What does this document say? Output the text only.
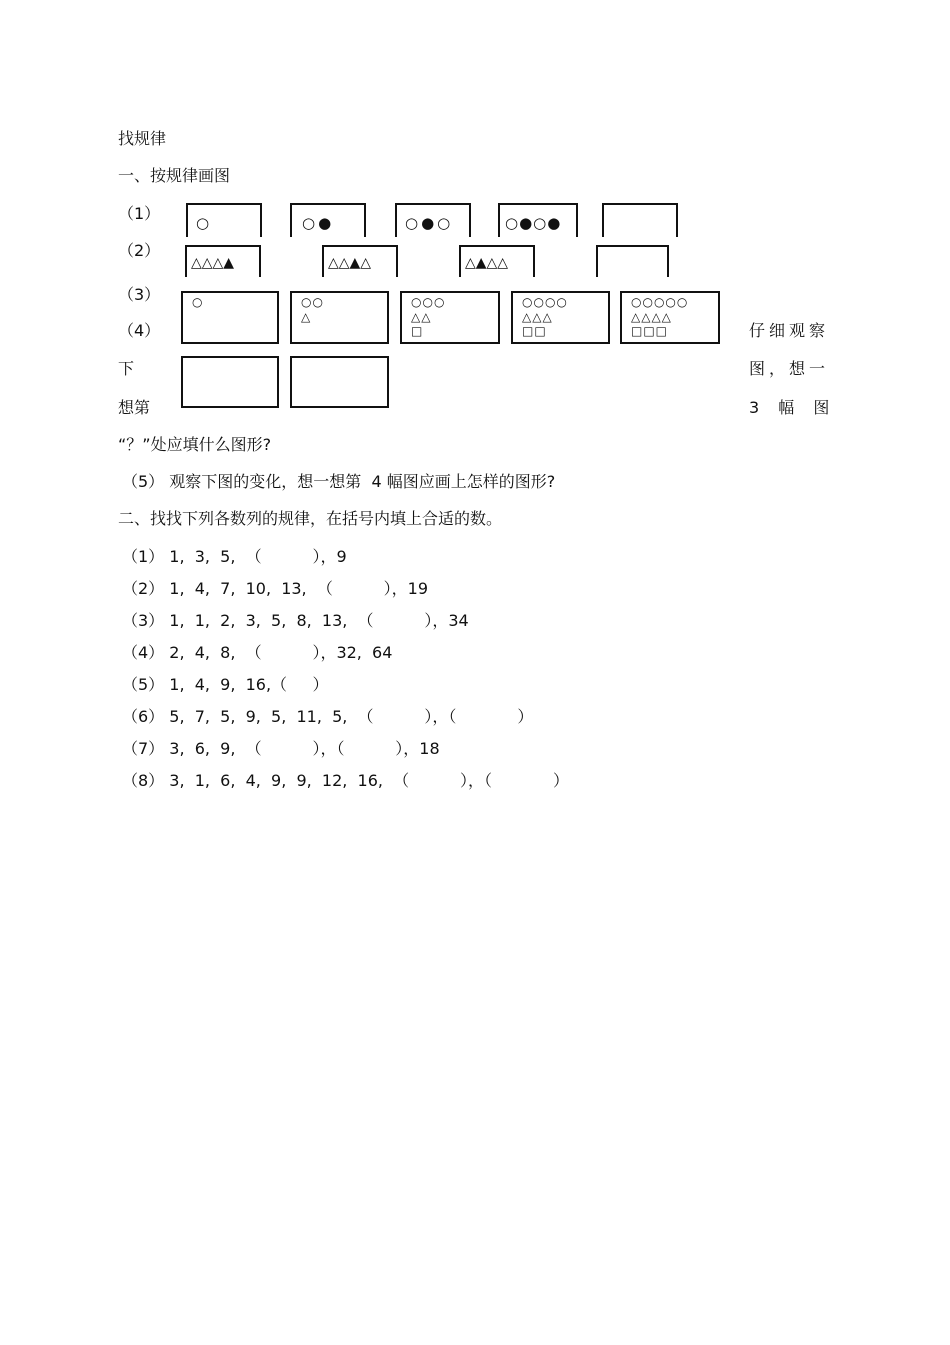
找规律
一、按规律画图
（1）
（2）
（3）
（4）
○	○●	○●○	○●○●
△△△▲	△△▲△	△▲△△
○	○○
△
○○○
△△
□
○○○○
△△△
□□
○○○○○
△△△△
□□□	仔细观察
图，想一
3 幅 图
下
想第
“？”处应填什么图形?
（5） 观察下图的变化，想一想第  4 幅图应画上怎样的图形?
二、找找下列各数列的规律，在括号内填上合适的数。
（1） 1,  3,  5,  （          ），9
（2） 1,  4,  7,  10,  13,  （          ），19
（3） 1,  1,  2,  3,  5,  8,  13,  （          ），34
（4） 2,  4,  8,  （          ），32,  64
（5） 1,  4,  9,  16,（     ）
（6） 5,  7,  5,  9,  5,  11,  5,  （          ），（            ）
（7） 3,  6,  9,  （          ），（          ），18
（8） 3,  1,  6,  4,  9,  9,  12,  16,  （          ），（            ）
